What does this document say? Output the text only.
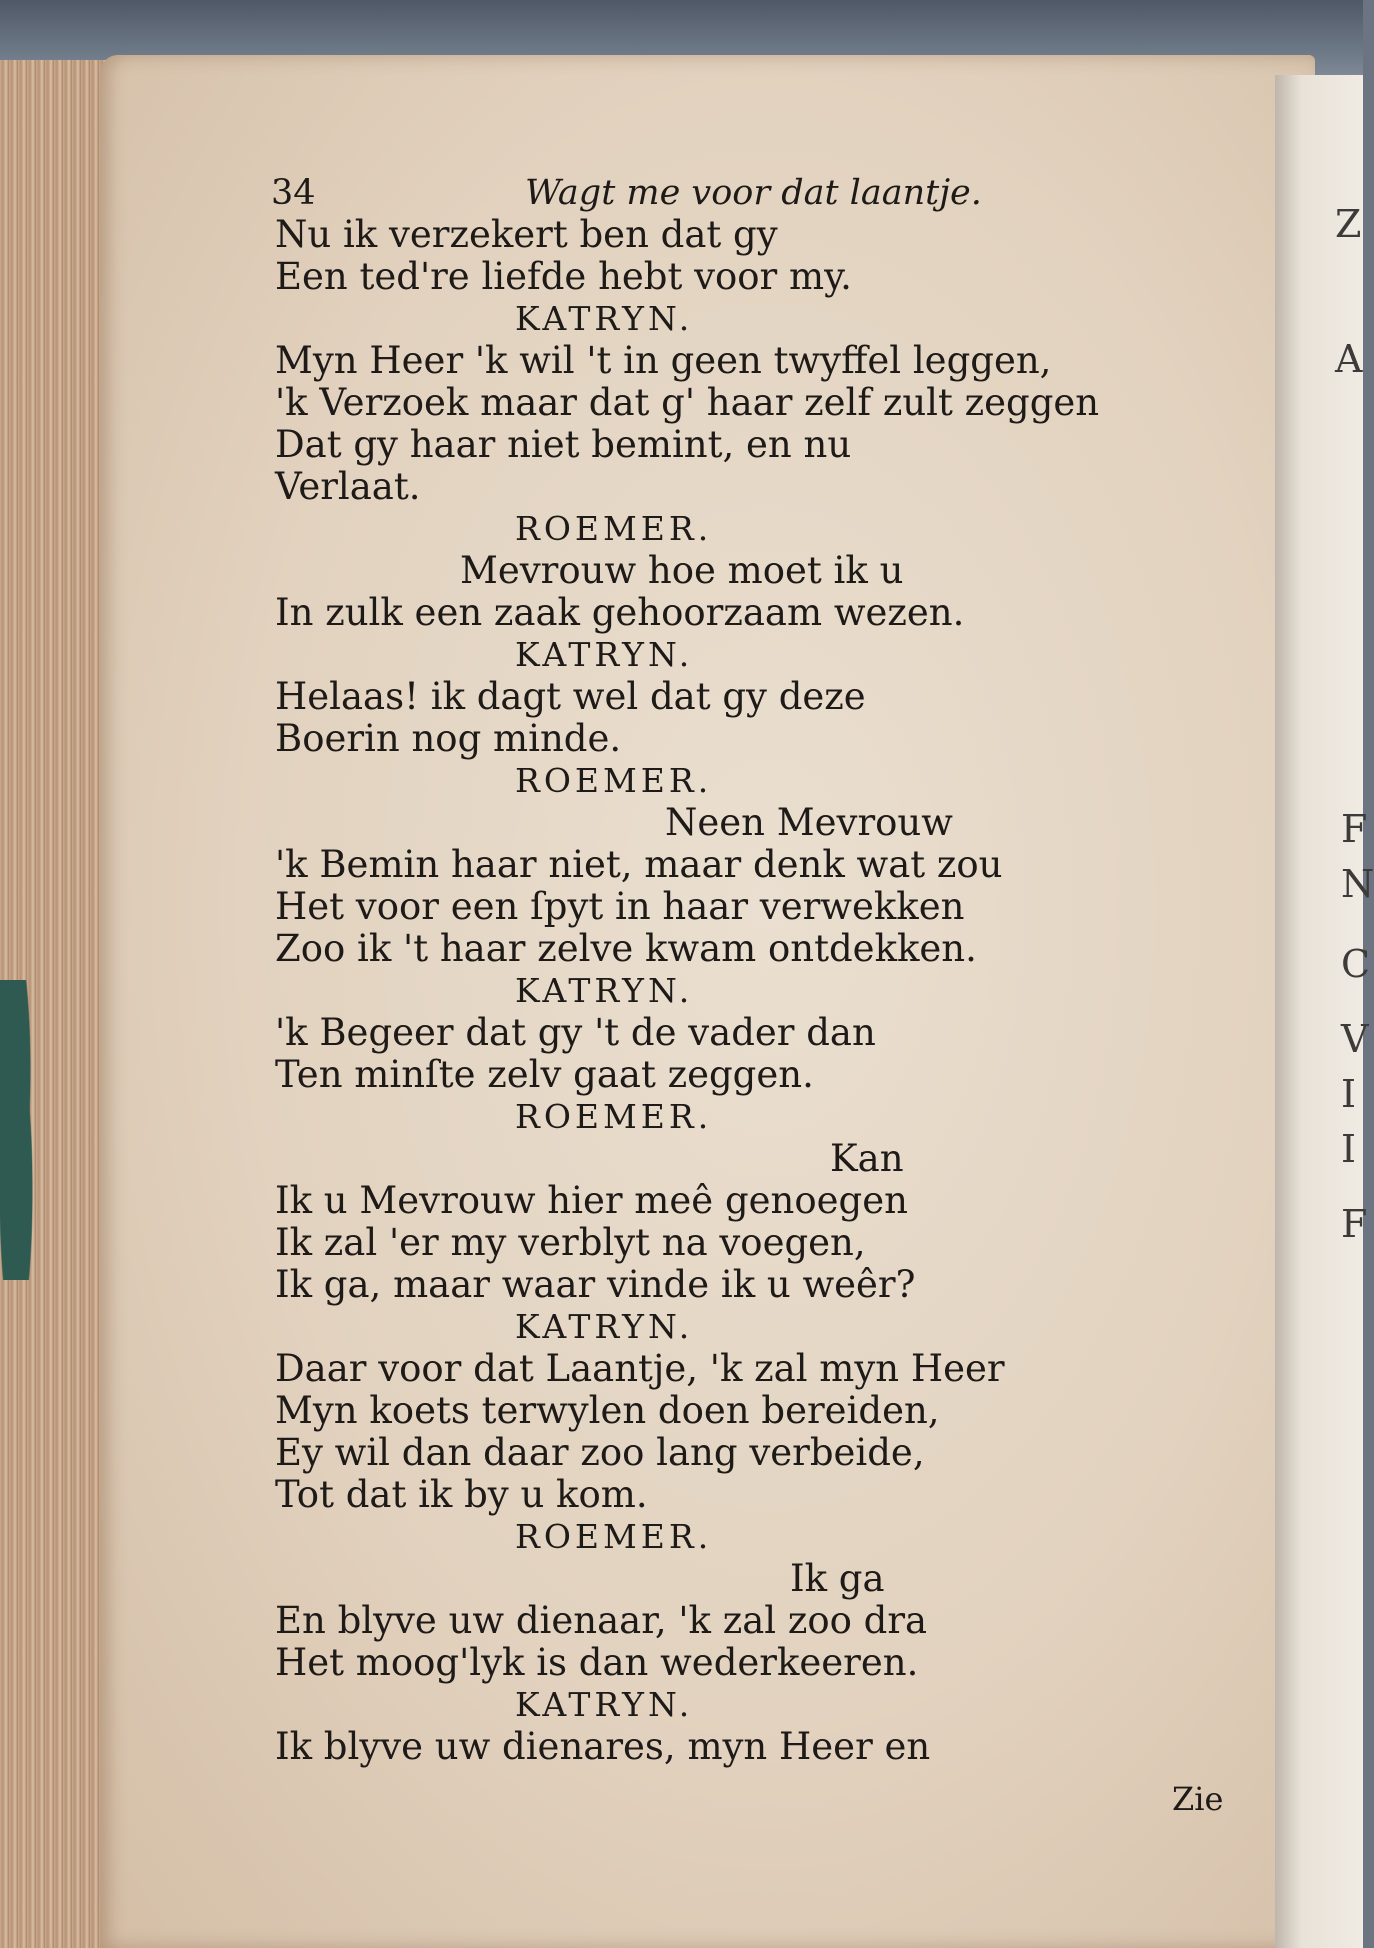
Z
A
F
N
C
V
I
I
F
34	Wagt me voor dat laantje.
Nu ik verzekert ben dat gy
Een ted're liefde hebt voor my.
KATRYN.
Myn Heer 'k wil 't in geen twyffel leggen,
'k Verzoek maar dat g' haar zelf zult zeggen
Dat gy haar niet bemint, en nu
Verlaat.
ROEMER.
Mevrouw hoe moet ik u
In zulk een zaak gehoorzaam wezen.
KATRYN.
Helaas! ik dagt wel dat gy deze
Boerin nog minde.
ROEMER.
Neen Mevrouw
'k Bemin haar niet, maar denk wat zou
Het voor een ſpyt in haar verwekken
Zoo ik 't haar zelve kwam ontdekken.
KATRYN.
'k Begeer dat gy 't de vader dan
Ten minſte zelv gaat zeggen.
ROEMER.
Kan
Ik u Mevrouw hier meê genoegen
Ik zal 'er my verblyt na voegen,
Ik ga, maar waar vinde ik u weêr?
KATRYN.
Daar voor dat Laantje, 'k zal myn Heer
Myn koets terwylen doen bereiden,
Ey wil dan daar zoo lang verbeide,
Tot dat ik by u kom.
ROEMER.
Ik ga
En blyve uw dienaar, 'k zal zoo dra
Het moog'lyk is dan wederkeeren.
KATRYN.
Ik blyve uw dienares, myn Heer en
Zie
